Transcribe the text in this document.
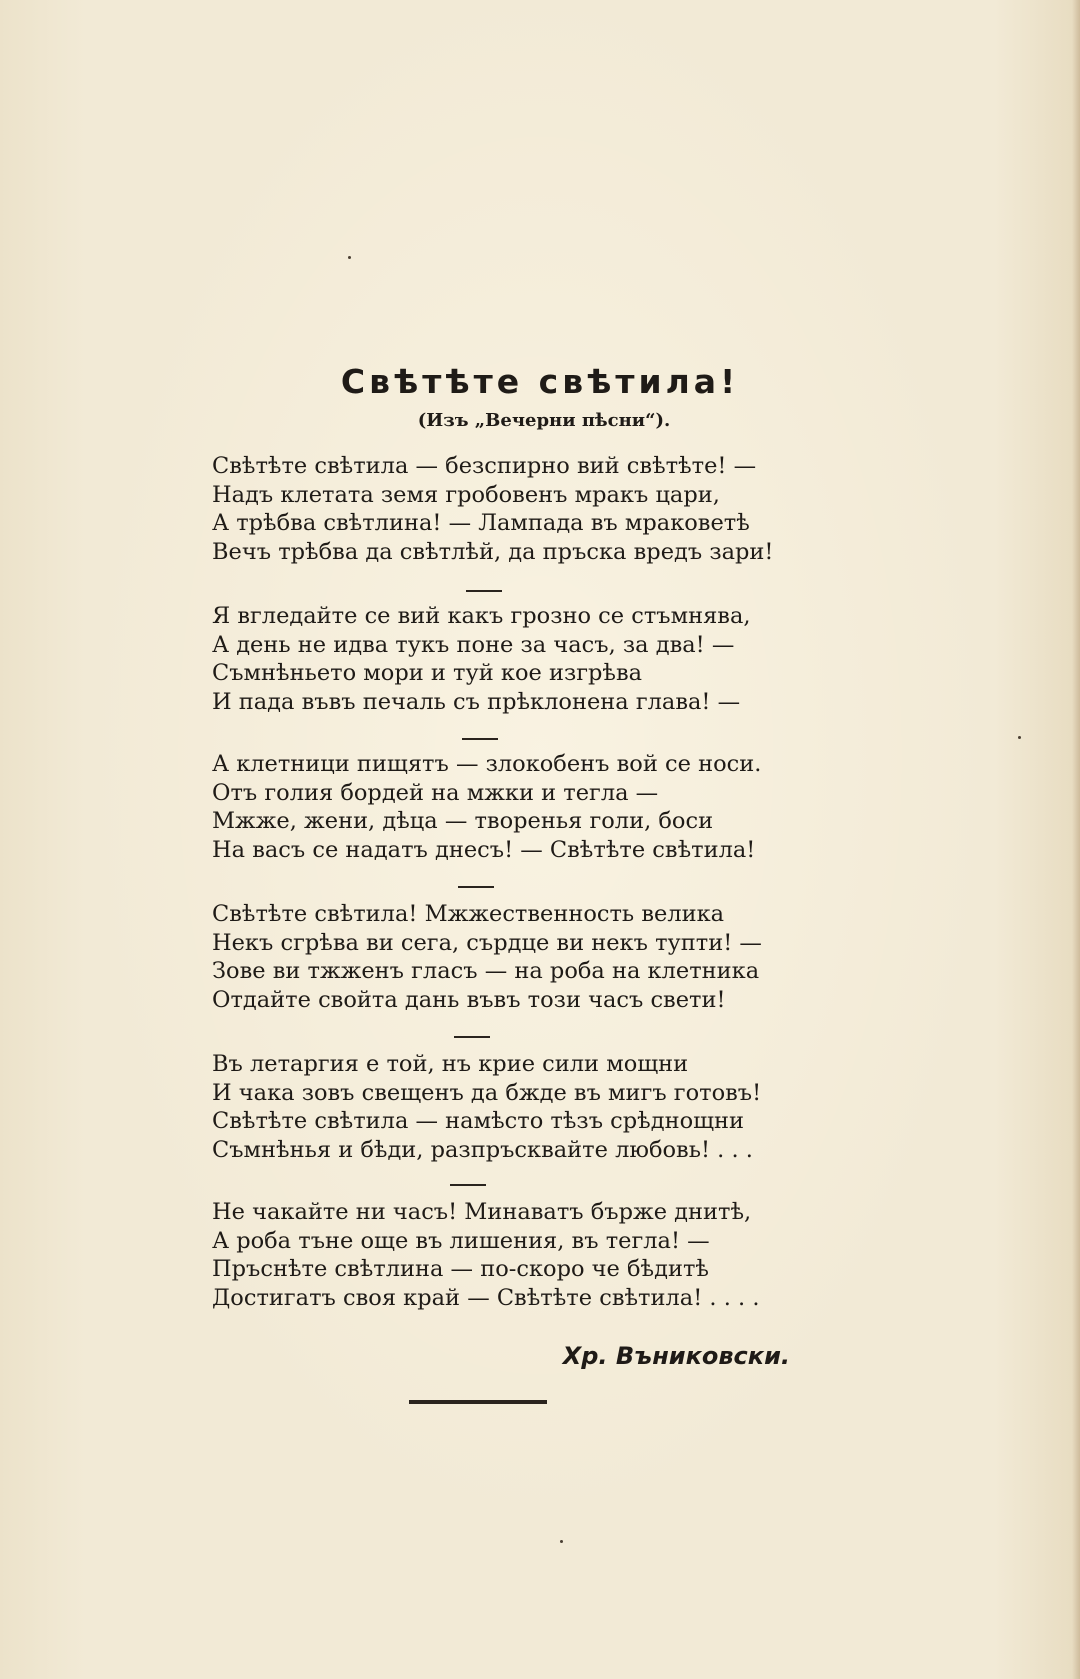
Свѣтѣте свѣтила!
(Изъ „Вечерни пѣсни“).
Свѣтѣте свѣтила — безспирно вий свѣтѣте! —
Надъ клетата земя гробовенъ мракъ цари,
А трѣбва свѣтлина! — Лампада въ мраковетѣ
Вечъ трѣбва да свѣтлѣй, да пръска вредъ зари!
Я вгледайте се вий какъ грозно се стъмнява,
А день не идва тукъ поне за часъ, за два! —
Съмнѣньето мори и туй кое изгрѣва
И пада въвъ печаль съ прѣклонена глава! —
А клетници пищятъ — злокобенъ вой се носи.
Отъ голия бордей на мжки и тегла —
Мжже, жени, дѣца — творенья голи, боси
На васъ се надатъ днесъ! — Свѣтѣте свѣтила!
Свѣтѣте свѣтила! Мжжественность велика
Некъ сгрѣва ви сега, сърдце ви некъ тупти! —
Зове ви тжженъ гласъ — на роба на клетника
Отдайте свойта дань въвъ този часъ свети!
Въ летаргия е той, нъ крие сили мощни
И чака зовъ свещенъ да бжде въ мигъ готовъ!
Свѣтѣте свѣтила — намѣсто тѣзъ срѣднощни
Съмнѣнья и бѣди, разпръсквайте любовь! . . .
Не чакайте ни часъ! Минаватъ бърже днитѣ,
А роба тъне още въ лишения, въ тегла! —
Пръснѣте свѣтлина — по-скоро че бѣдитѣ
Достигатъ своя край — Свѣтѣте свѣтила! . . . .
Хр. Въниковски.
